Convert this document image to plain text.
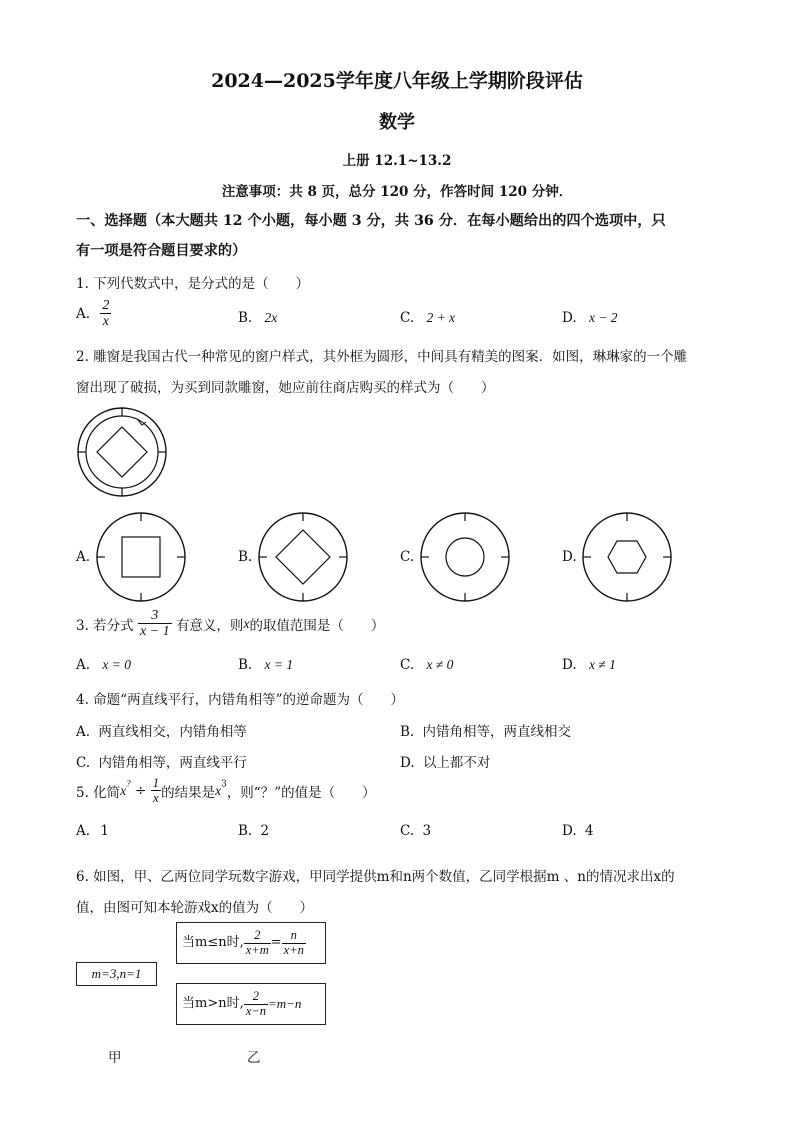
2024—2025学年度八年级上学期阶段评估
数学
上册 12.1~13.2
注意事项：共 8 页，总分 120 分，作答时间 120 分钟．
一、选择题（本大题共 12 个小题，每小题 3 分，共 36 分．在每小题给出的四个选项中，只
有一项是符合题目要求的）
1. 下列代数式中，是分式的是（　　）
A. $\frac{2}{x}$	B. 2x	C. 2 + x	D. x − 2
2. 雕窗是我国古代一种常见的窗户样式，其外框为圆形，中间具有精美的图案．如图，琳琳家的一个雕
窗出现了破损，为买到同款雕窗，她应前往商店购买的样式为（　　）
A.	B.	C.	D.
3. 若分式 $\frac{3}{x - 1}$ 有意义，则x的取值范围是（　　）
A. x = 0	B. x = 1	C. x ≠ 0	D. x ≠ 1
4. 命题“两直线平行，内错角相等”的逆命题为（　　）
A. 两直线相交，内错角相等	B. 内错角相等，两直线相交
C. 内错角相等，两直线平行	D. 以上都不对
5. 化简$x^? \div \frac{1}{x}$ 的结果是$x^3$，则“？”的值是（　　）
A. 1	B. 2	C. 3	D. 4
6. 如图，甲、乙两位同学玩数字游戏，甲同学提供m和n两个数值，乙同学根据m 、n的情况求出x的
值，由图可知本轮游戏x的值为（　　）
m=3,n=1
当m≤n时, $\frac{2}{x+m} = \frac{n}{x+n}$
当m>n时, $\frac{2}{x-n} =m-n$
甲	乙
